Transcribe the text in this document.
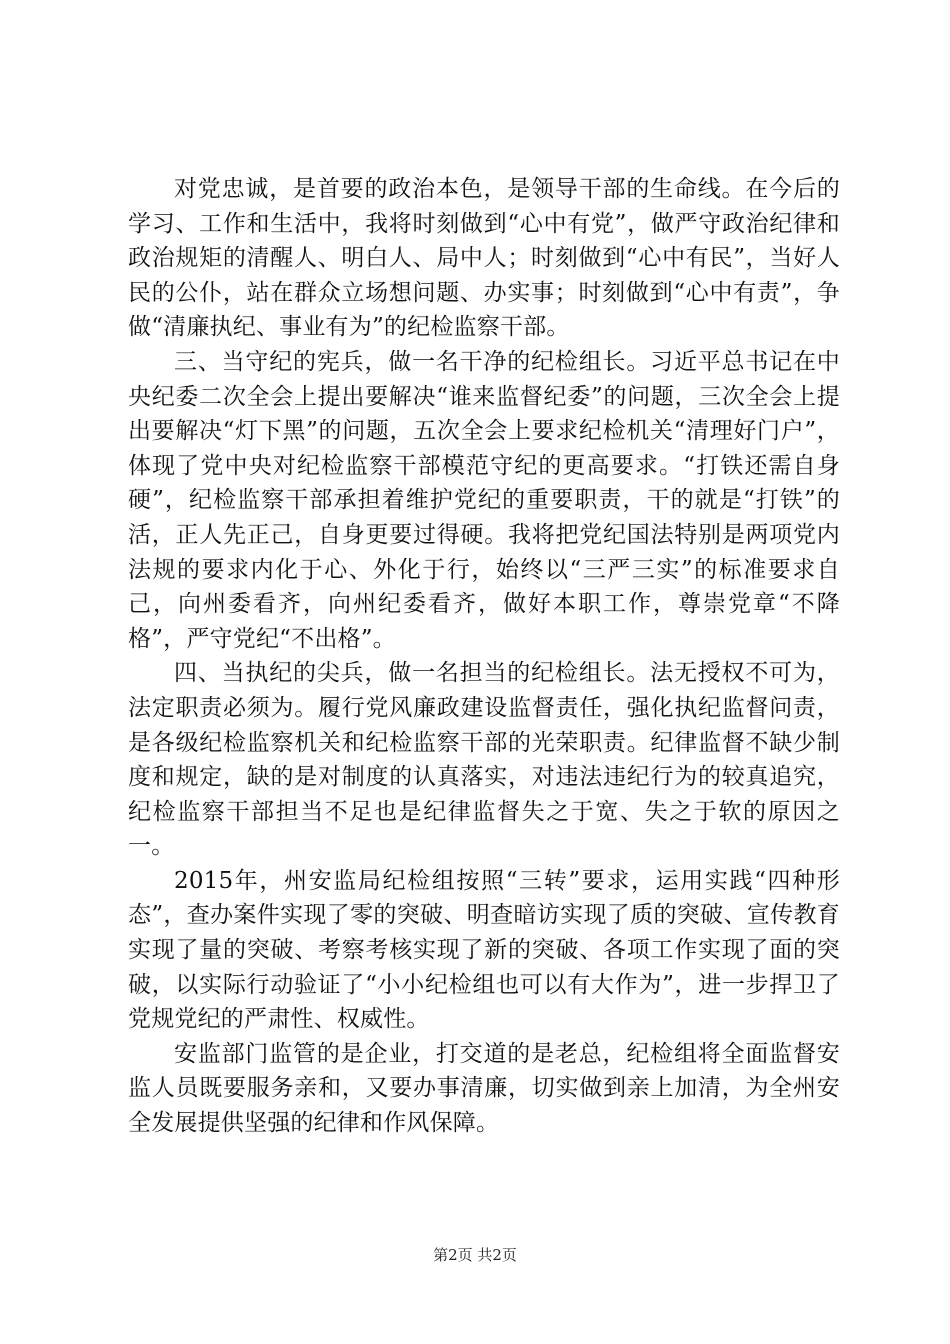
对党忠诚，是首要的政治本色，是领导干部的生命线。在今后的学习、工作和生活中，我将时刻做到“心中有党”，做严守政治纪律和政治规矩的清醒人、明白人、局中人；时刻做到“心中有民”，当好人民的公仆，站在群众立场想问题、办实事；时刻做到“心中有责”，争做“清廉执纪、事业有为”的纪检监察干部。

三、当守纪的宪兵，做一名干净的纪检组长。习近平总书记在中央纪委二次全会上提出要解决“谁来监督纪委”的问题，三次全会上提出要解决“灯下黑”的问题，五次全会上要求纪检机关“清理好门户”，体现了党中央对纪检监察干部模范守纪的更高要求。“打铁还需自身硬”，纪检监察干部承担着维护党纪的重要职责，干的就是“打铁”的活，正人先正己，自身更要过得硬。我将把党纪国法特别是两项党内法规的要求内化于心、外化于行，始终以“三严三实”的标准要求自己，向州委看齐，向州纪委看齐，做好本职工作，尊崇党章“不降格”，严守党纪“不出格”。

四、当执纪的尖兵，做一名担当的纪检组长。法无授权不可为，法定职责必须为。履行党风廉政建设监督责任，强化执纪监督问责，是各级纪检监察机关和纪检监察干部的光荣职责。纪律监督不缺少制度和规定，缺的是对制度的认真落实，对违法违纪行为的较真追究，纪检监察干部担当不足也是纪律监督失之于宽、失之于软的原因之一。

2015年，州安监局纪检组按照“三转”要求，运用实践“四种形态”，查办案件实现了零的突破、明查暗访实现了质的突破、宣传教育实现了量的突破、考察考核实现了新的突破、各项工作实现了面的突破，以实际行动验证了“小小纪检组也可以有大作为”，进一步捍卫了党规党纪的严肃性、权威性。

安监部门监管的是企业，打交道的是老总，纪检组将全面监督安监人员既要服务亲和，又要办事清廉，切实做到亲上加清，为全州安全发展提供坚强的纪律和作风保障。

第2页 共2页
